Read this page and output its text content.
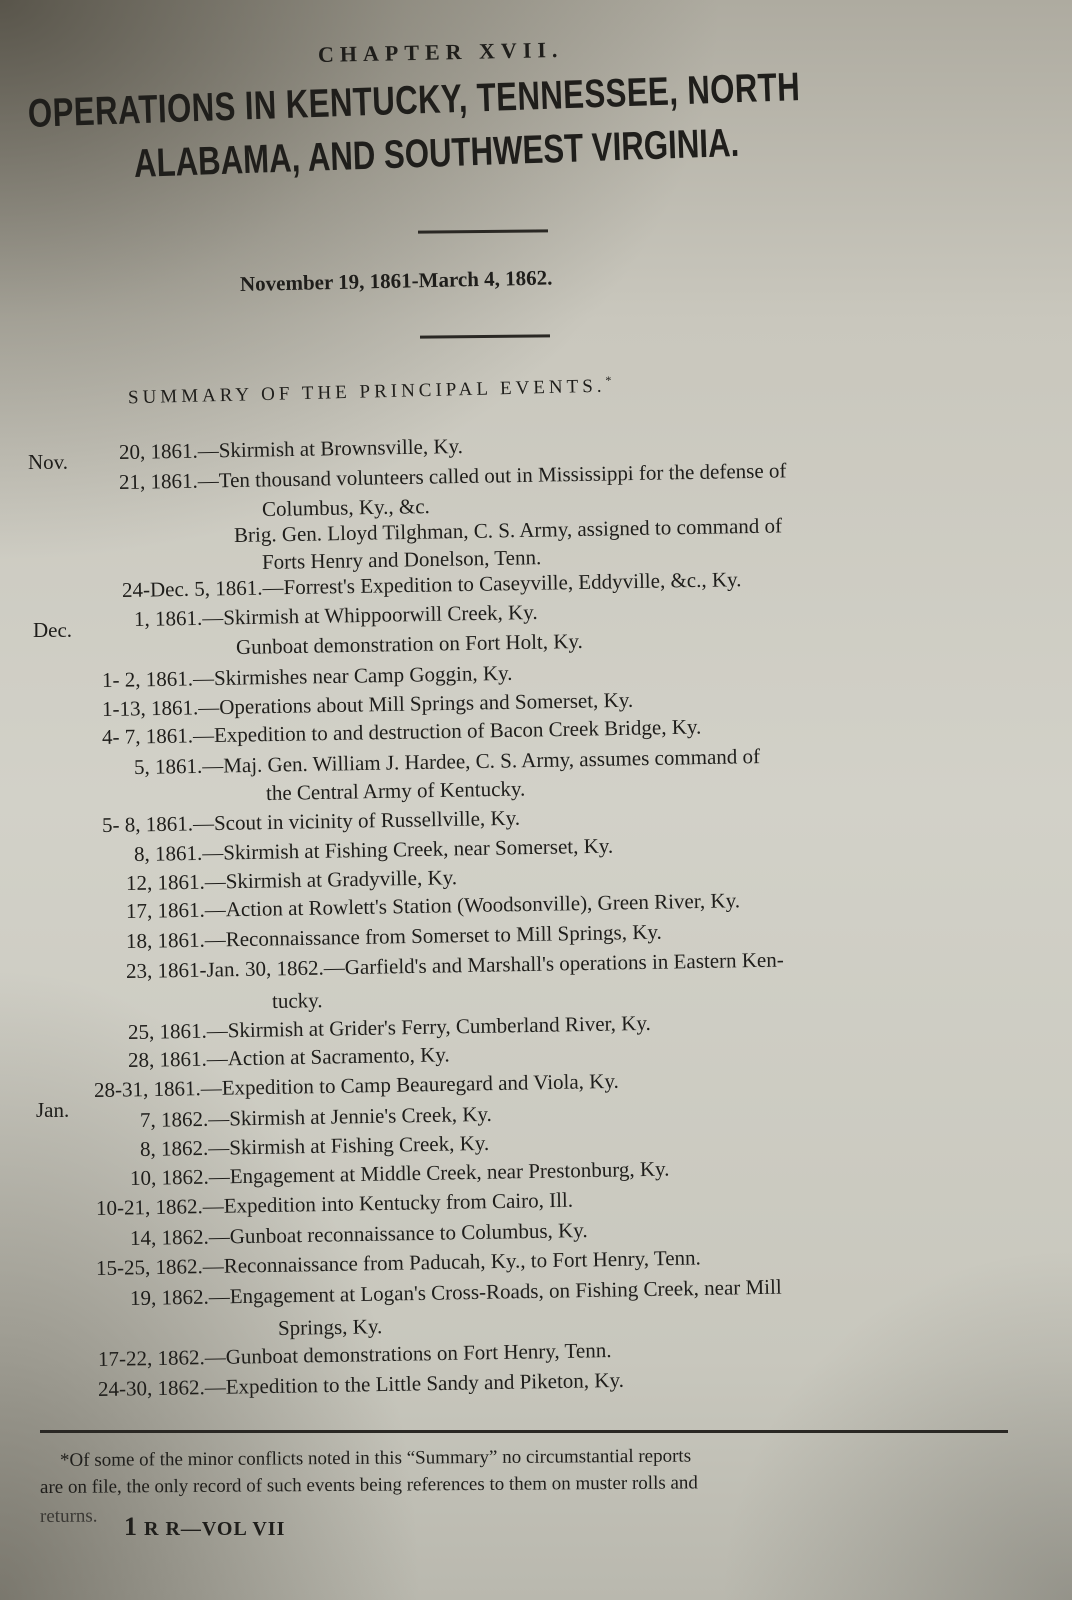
CHAPTER XVII.
OPERATIONS IN KENTUCKY, TENNESSEE, NORTH
ALABAMA, AND SOUTHWEST VIRGINIA.
November 19, 1861-March 4, 1862.
SUMMARY OF THE PRINCIPAL EVENTS.*
Nov.
Dec.
Jan.
20, 1861.—Skirmish at Brownsville, Ky.
21, 1861.—Ten thousand volunteers called out in Mississippi for the defense of
Columbus, Ky., &c.
Brig. Gen. Lloyd Tilghman, C. S. Army, assigned to command of
Forts Henry and Donelson, Tenn.
24-Dec. 5, 1861.—Forrest's Expedition to Caseyville, Eddyville, &c., Ky.
1, 1861.—Skirmish at Whippoorwill Creek, Ky.
Gunboat demonstration on Fort Holt, Ky.
1- 2, 1861.—Skirmishes near Camp Goggin, Ky.
1-13, 1861.—Operations about Mill Springs and Somerset, Ky.
4- 7, 1861.—Expedition to and destruction of Bacon Creek Bridge, Ky.
5, 1861.—Maj. Gen. William J. Hardee, C. S. Army, assumes command of
the Central Army of Kentucky.
5- 8, 1861.—Scout in vicinity of Russellville, Ky.
8, 1861.—Skirmish at Fishing Creek, near Somerset, Ky.
12, 1861.—Skirmish at Gradyville, Ky.
17, 1861.—Action at Rowlett's Station (Woodsonville), Green River, Ky.
18, 1861.—Reconnaissance from Somerset to Mill Springs, Ky.
23, 1861-Jan. 30, 1862.—Garfield's and Marshall's operations in Eastern Ken-
tucky.
25, 1861.—Skirmish at Grider's Ferry, Cumberland River, Ky.
28, 1861.—Action at Sacramento, Ky.
28-31, 1861.—Expedition to Camp Beauregard and Viola, Ky.
7, 1862.—Skirmish at Jennie's Creek, Ky.
8, 1862.—Skirmish at Fishing Creek, Ky.
10, 1862.—Engagement at Middle Creek, near Prestonburg, Ky.
10-21, 1862.—Expedition into Kentucky from Cairo, Ill.
14, 1862.—Gunboat reconnaissance to Columbus, Ky.
15-25, 1862.—Reconnaissance from Paducah, Ky., to Fort Henry, Tenn.
19, 1862.—Engagement at Logan's Cross-Roads, on Fishing Creek, near Mill
Springs, Ky.
17-22, 1862.—Gunboat demonstrations on Fort Henry, Tenn.
24-30, 1862.—Expedition to the Little Sandy and Piketon, Ky.
*Of some of the minor conflicts noted in this “Summary” no circumstantial reports
are on file, the only record of such events being references to them on muster rolls and
returns. 1 R R—VOL VII
